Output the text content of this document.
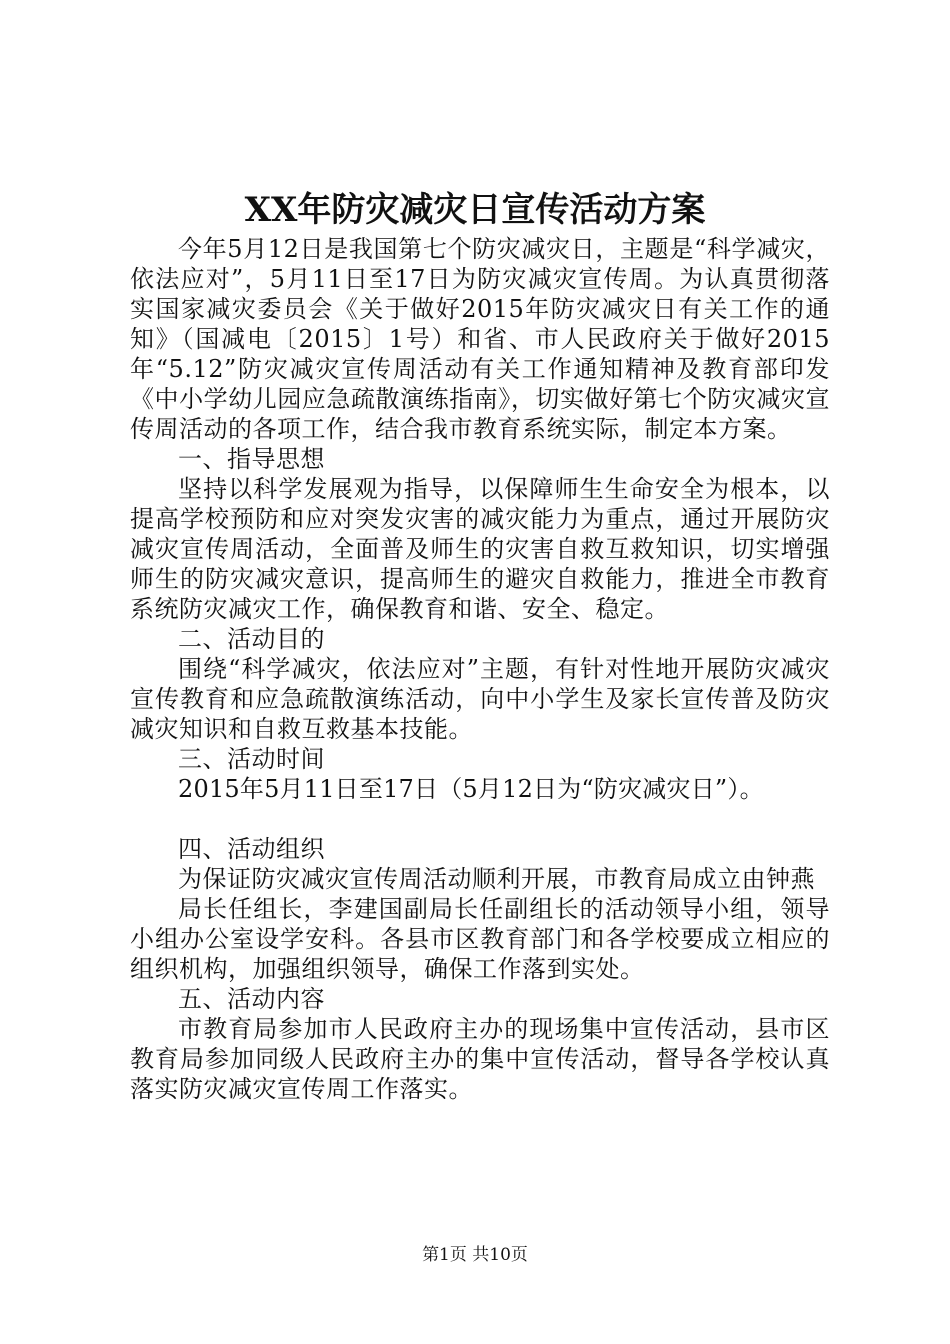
XX年防灾减灾日宣传活动方案

今年5月12日是我国第七个防灾减灾日，主题是“科学减灾，依法应对”，5月11日至17日为防灾减灾宣传周。为认真贯彻落实国家减灾委员会《关于做好2015年防灾减灾日有关工作的通知》（国减电〔2015〕1号）和省、市人民政府关于做好2015年“5.12”防灾减灾宣传周活动有关工作通知精神及教育部印发《中小学幼儿园应急疏散演练指南》，切实做好第七个防灾减灾宣传周活动的各项工作，结合我市教育系统实际，制定本方案。

一、指导思想

坚持以科学发展观为指导，以保障师生生命安全为根本，以提高学校预防和应对突发灾害的减灾能力为重点，通过开展防灾减灾宣传周活动，全面普及师生的灾害自救互救知识，切实增强师生的防灾减灾意识，提高师生的避灾自救能力，推进全市教育系统防灾减灾工作，确保教育和谐、安全、稳定。

二、活动目的

围绕“科学减灾，依法应对”主题，有针对性地开展防灾减灾宣传教育和应急疏散演练活动，向中小学生及家长宣传普及防灾减灾知识和自救互救基本技能。

三、活动时间

2015年5月11日至17日（5月12日为“防灾减灾日”）。

四、活动组织

为保证防灾减灾宣传周活动顺利开展，市教育局成立由钟燕

局长任组长，李建国副局长任副组长的活动领导小组，领导小组办公室设学安科。各县市区教育部门和各学校要成立相应的组织机构，加强组织领导，确保工作落到实处。

五、活动内容

市教育局参加市人民政府主办的现场集中宣传活动，县市区教育局参加同级人民政府主办的集中宣传活动，督导各学校认真落实防灾减灾宣传周工作落实。

第1页 共10页
